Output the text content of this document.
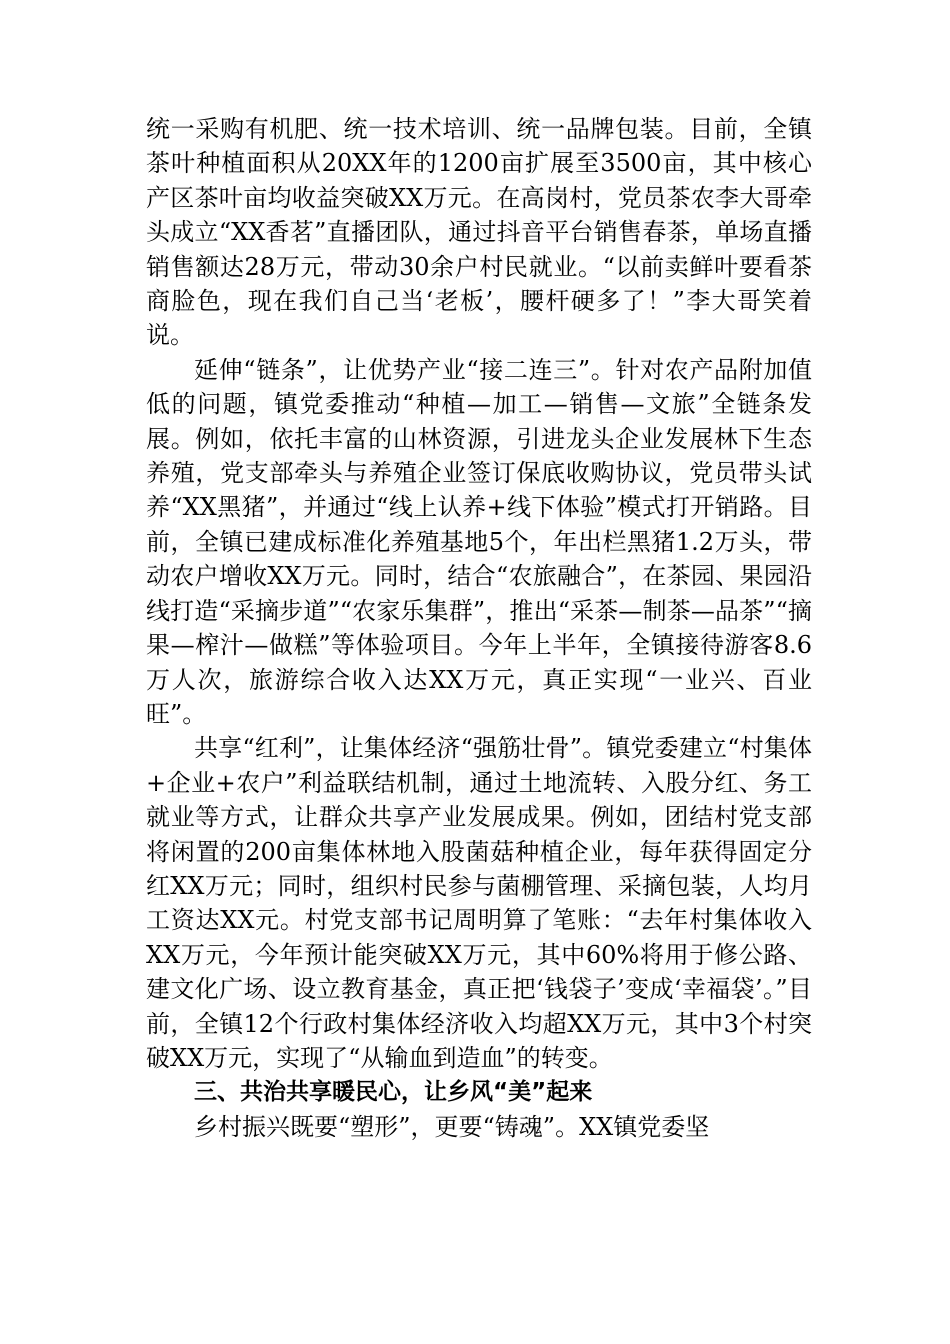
统一采购有机肥、统一技术培训、统一品牌包装。目前，全镇茶叶种植面积从20XX年的1200亩扩展至3500亩，其中核心产区茶叶亩均收益突破XX万元。在高岗村，党员茶农李大哥牵头成立“XX香茗”直播团队，通过抖音平台销售春茶，单场直播销售额达28万元，带动30余户村民就业。“以前卖鲜叶要看茶商脸色，现在我们自己当‘老板’，腰杆硬多了！”李大哥笑着说。

延伸“链条”，让优势产业“接二连三”。针对农产品附加值低的问题，镇党委推动“种植—加工—销售—文旅”全链条发展。例如，依托丰富的山林资源，引进龙头企业发展林下生态养殖，党支部牵头与养殖企业签订保底收购协议，党员带头试养“XX黑猪”，并通过“线上认养+线下体验”模式打开销路。目前，全镇已建成标准化养殖基地5个，年出栏黑猪1.2万头，带动农户增收XX万元。同时，结合“农旅融合”，在茶园、果园沿线打造“采摘步道”“农家乐集群”，推出“采茶—制茶—品茶”“摘果—榨汁—做糕”等体验项目。今年上半年，全镇接待游客8.6万人次，旅游综合收入达XX万元，真正实现“一业兴、百业旺”。

共享“红利”，让集体经济“强筋壮骨”。镇党委建立“村集体+企业+农户”利益联结机制，通过土地流转、入股分红、务工就业等方式，让群众共享产业发展成果。例如，团结村党支部将闲置的200亩集体林地入股菌菇种植企业，每年获得固定分红XX万元；同时，组织村民参与菌棚管理、采摘包装，人均月工资达XX元。村党支部书记周明算了笔账：“去年村集体收入XX万元，今年预计能突破XX万元，其中60%将用于修公路、建文化广场、设立教育基金，真正把‘钱袋子’变成‘幸福袋’。”目前，全镇12个行政村集体经济收入均超XX万元，其中3个村突破XX万元，实现了“从输血到造血”的转变。

三、共治共享暖民心，让乡风“美”起来

乡村振兴既要“塑形”，更要“铸魂”。XX镇党委坚
